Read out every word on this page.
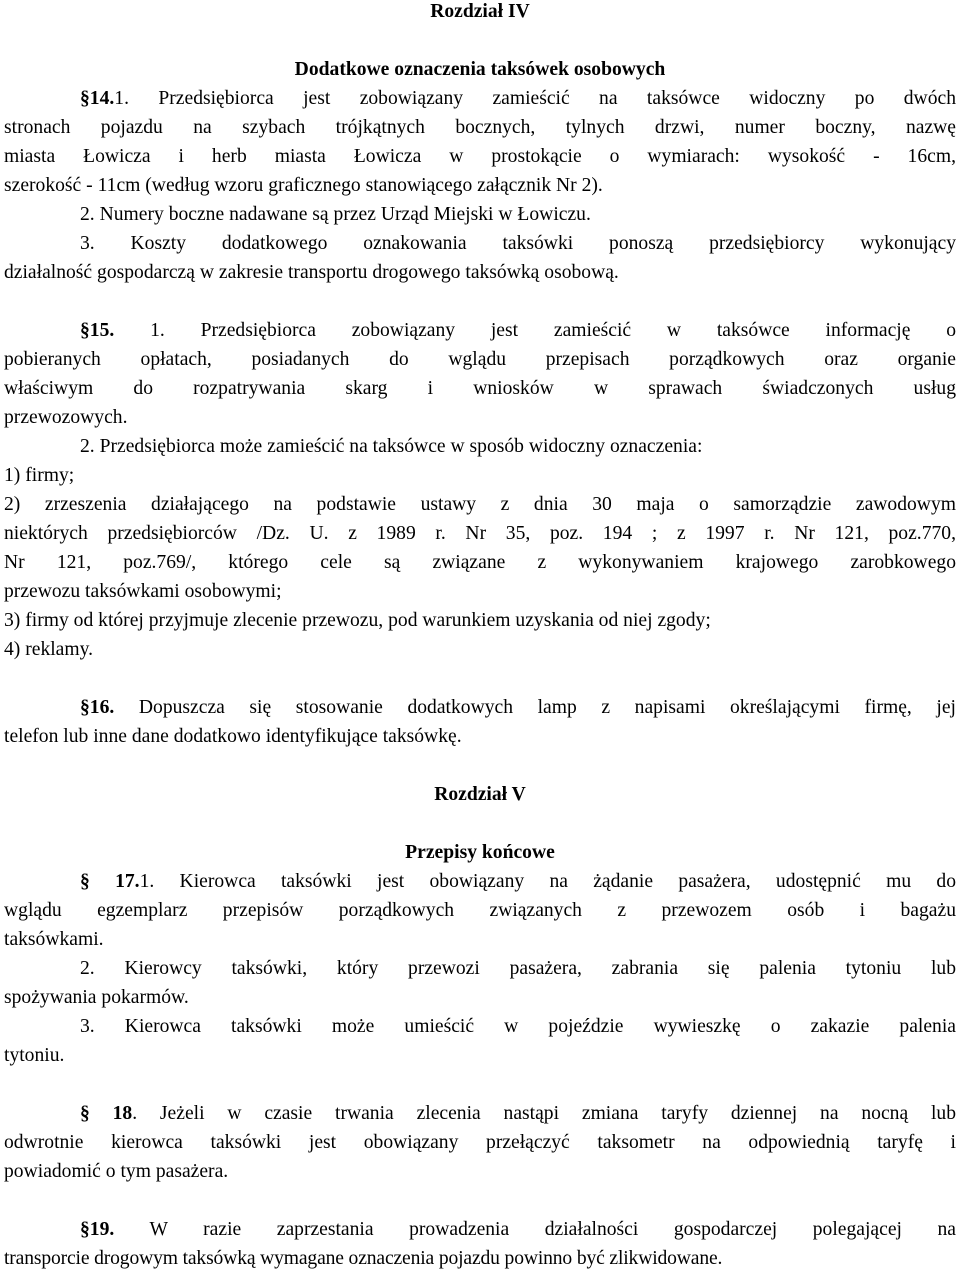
Rozdział IV
Dodatkowe oznaczenia taksówek osobowych
§14.1. Przedsiębiorca jest zobowiązany zamieścić na taksówce widoczny po dwóch
stronach pojazdu na szybach trójkątnych bocznych, tylnych drzwi, numer boczny, nazwę
miasta Łowicza i herb miasta Łowicza w prostokącie o wymiarach: wysokość - 16cm,
szerokość - 11cm (według wzoru graficznego stanowiącego załącznik Nr 2).
2. Numery boczne nadawane są przez Urząd Miejski w Łowiczu.
3. Koszty dodatkowego oznakowania taksówki ponoszą przedsiębiorcy wykonujący
działalność gospodarczą w zakresie transportu drogowego taksówką osobową.
§15. 1. Przedsiębiorca zobowiązany jest zamieścić w taksówce informację o
pobieranych opłatach, posiadanych do wglądu przepisach porządkowych oraz organie
właściwym do rozpatrywania skarg i wniosków w sprawach świadczonych usług
przewozowych.
2. Przedsiębiorca może zamieścić na taksówce w sposób widoczny oznaczenia:
1) firmy;
2) zrzeszenia działającego na podstawie ustawy z dnia 30 maja o samorządzie zawodowym
niektórych przedsiębiorców /Dz. U. z 1989 r. Nr 35, poz. 194 ; z 1997 r. Nr 121, poz.770,
Nr 121, poz.769/, którego cele są związane z wykonywaniem krajowego zarobkowego
przewozu taksówkami osobowymi;
3) firmy od której przyjmuje zlecenie przewozu, pod warunkiem uzyskania od niej zgody;
4) reklamy.
§16. Dopuszcza się stosowanie dodatkowych lamp z napisami określającymi firmę, jej
telefon lub inne dane dodatkowo identyfikujące taksówkę.
Rozdział V
Przepisy końcowe
§ 17.1. Kierowca taksówki jest obowiązany na żądanie pasażera, udostępnić mu do
wglądu egzemplarz przepisów porządkowych związanych z przewozem osób i bagażu
taksówkami.
2. Kierowcy taksówki, który przewozi pasażera, zabrania się palenia tytoniu lub
spożywania pokarmów.
3. Kierowca taksówki może umieścić w pojeździe wywieszkę o zakazie palenia
tytoniu.
§ 18. Jeżeli w czasie trwania zlecenia nastąpi zmiana taryfy dziennej na nocną lub
odwrotnie kierowca taksówki jest obowiązany przełączyć taksometr na odpowiednią taryfę i
powiadomić o tym pasażera.
§19. W razie zaprzestania prowadzenia działalności gospodarczej polegającej na
transporcie drogowym taksówką wymagane oznaczenia pojazdu powinno być zlikwidowane.
